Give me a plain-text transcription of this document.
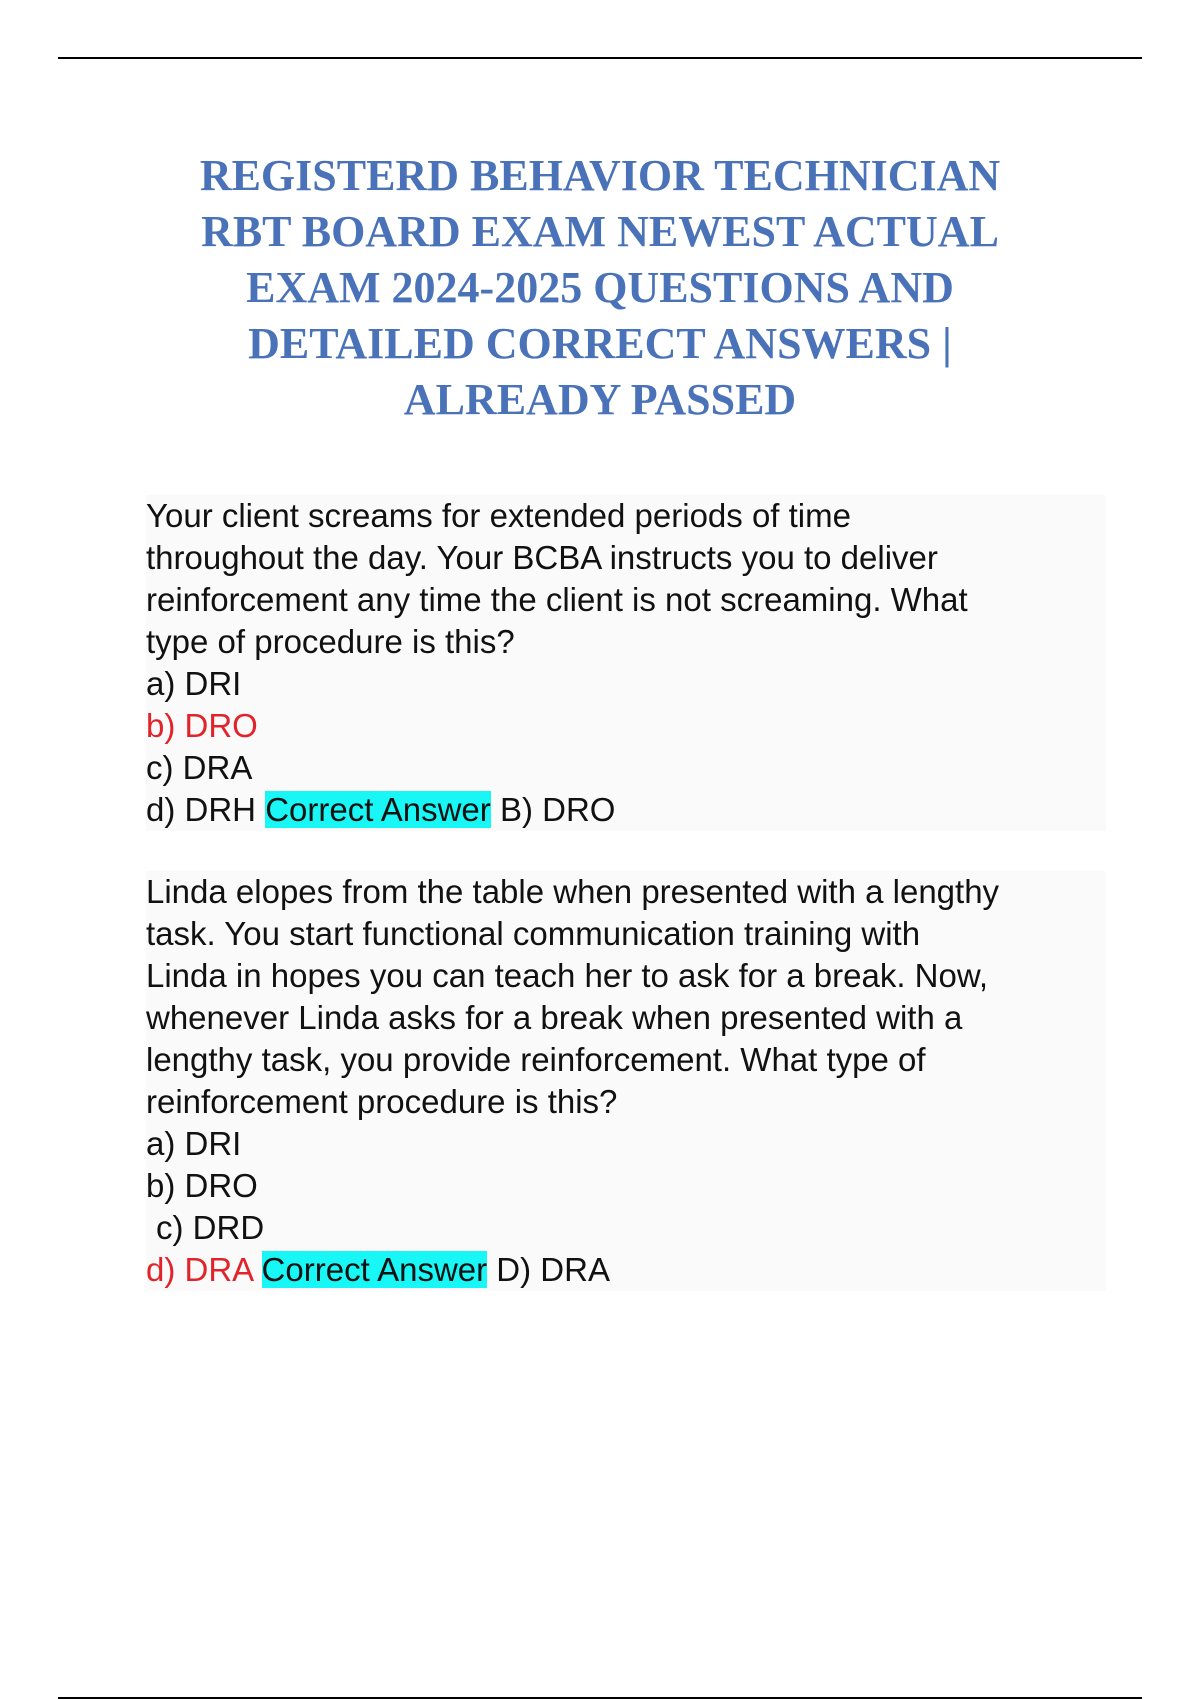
REGISTERD BEHAVIOR TECHNICIAN
RBT BOARD EXAM NEWEST ACTUAL
EXAM 2024-2025 QUESTIONS AND
DETAILED CORRECT ANSWERS |
ALREADY PASSED
Your client screams for extended periods of time
throughout the day. Your BCBA instructs you to deliver
reinforcement any time the client is not screaming. What
type of procedure is this?
a) DRI
b) DRO
c) DRA
d) DRH Correct Answer B) DRO
Linda elopes from the table when presented with a lengthy
task. You start functional communication training with
Linda in hopes you can teach her to ask for a break. Now,
whenever Linda asks for a break when presented with a
lengthy task, you provide reinforcement. What type of
reinforcement procedure is this?
a) DRI
b) DRO
c) DRD
d) DRA Correct Answer D) DRA
